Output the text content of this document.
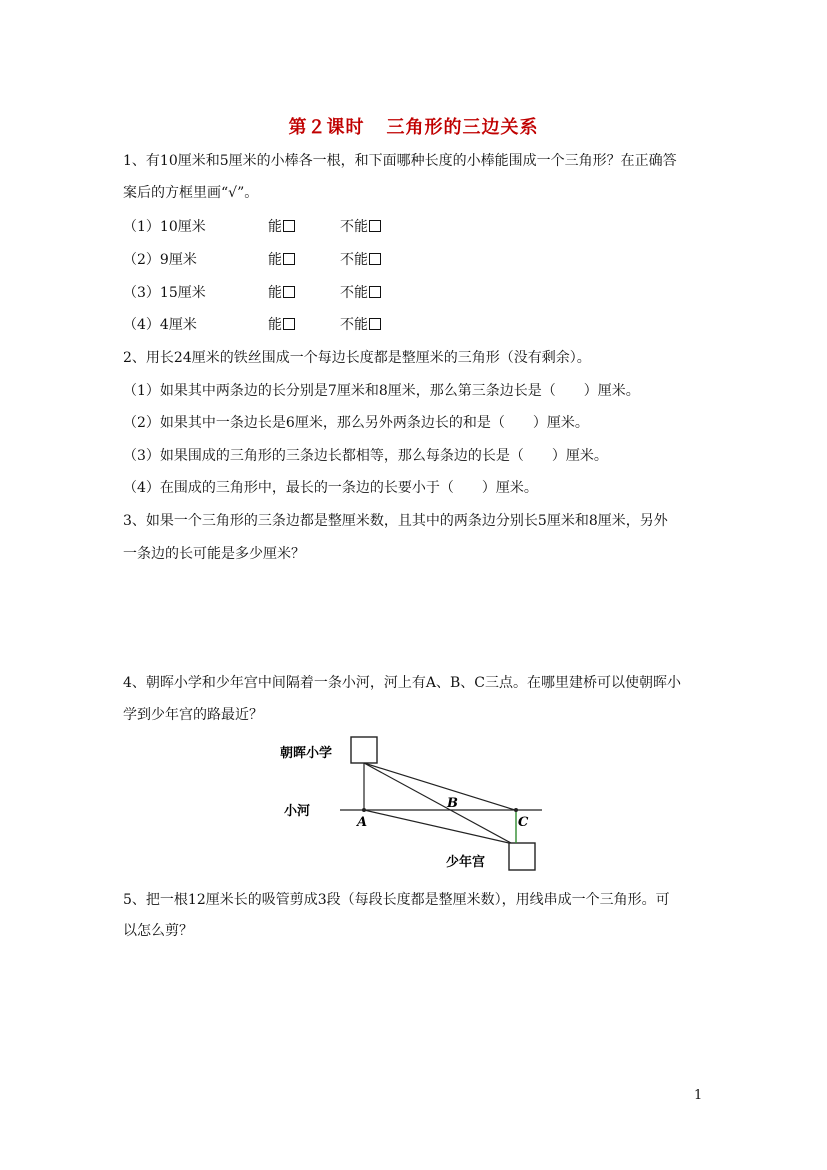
第２课时 三角形的三边关系
1、有10厘米和5厘米的小棒各一根，和下面哪种长度的小棒能围成一个三角形？在正确答
案后的方框里画“√”。
（1）10厘米	能	不能
（2）9厘米	能	不能
（3）15厘米	能	不能
（4）4厘米	能	不能
2、用长24厘米的铁丝围成一个每边长度都是整厘米的三角形（没有剩余）。
（1）如果其中两条边的长分别是7厘米和8厘米，那么第三条边长是（　　）厘米。
（2）如果其中一条边长是6厘米，那么另外两条边长的和是（　　）厘米。
（3）如果围成的三角形的三条边长都相等，那么每条边的长是（　　）厘米。
（4）在围成的三角形中，最长的一条边的长要小于（　　）厘米。
3、如果一个三角形的三条边都是整厘米数，且其中的两条边分别长5厘米和8厘米，另外
一条边的长可能是多少厘米？
4、朝晖小学和少年宫中间隔着一条小河，河上有A、B、C三点。在哪里建桥可以使朝晖小
学到少年宫的路最近？
朝晖小学
小河
少年宫
A
B
C
5、把一根12厘米长的吸管剪成3段（每段长度都是整厘米数），用线串成一个三角形。可
以怎么剪？
1
